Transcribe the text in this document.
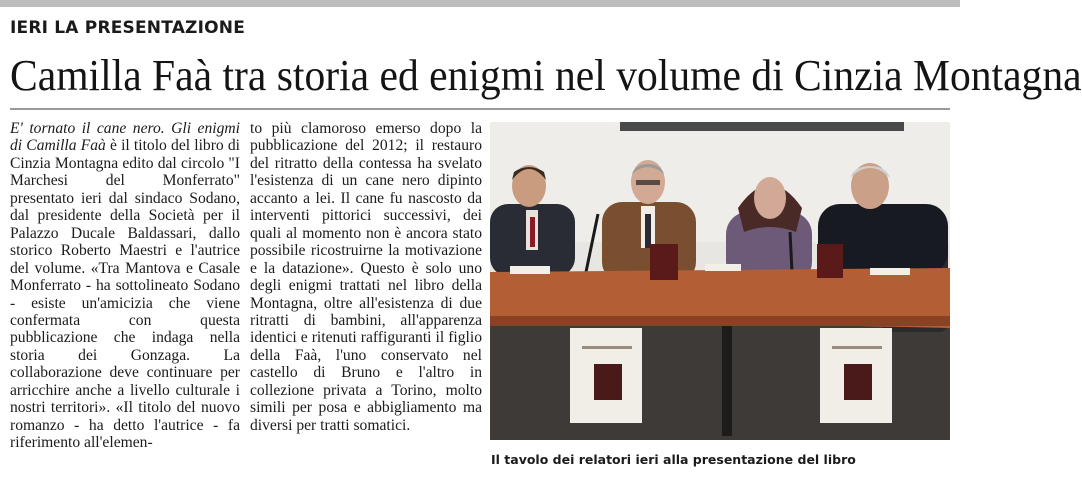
IERI LA PRESENTAZIONE
Camilla Faà tra storia ed enigmi nel volume di Cinzia Montagna

E' tornato il cane nero. Gli enigmi di Camilla Faà è il titolo del libro di Cinzia Montagna edito dal circolo "I Marchesi del Monferrato" presentato ieri dal sindaco Sodano, dal presidente della Società per il Palazzo Ducale Baldassari, dallo storico Roberto Maestri e l'autrice del volume. «Tra Mantova e Casale Monferrato - ha sottolineato Sodano - esiste un'amicizia che viene confermata con questa pubblicazione che indaga nella storia dei Gonzaga. La collaborazione deve continuare per arricchire anche a livello culturale i nostri territori». «Il titolo del nuovo romanzo - ha detto l'autrice - fa riferimento all'elemen-

to più clamoroso emerso dopo la pubblicazione del 2012; il restauro del ritratto della contessa ha svelato l'esistenza di un cane nero dipinto accanto a lei. Il cane fu nascosto da interventi pittorici successivi, dei quali al momento non è ancora stato possibile ricostruirne la motivazione e la datazione». Questo è solo uno degli enigmi trattati nel libro della Montagna, oltre all'esistenza di due ritratti di bambini, all'apparenza identici e ritenuti raffiguranti il figlio della Faà, l'uno conservato nel castello di Bruno e l'altro in collezione privata a Torino, molto simili per posa e abbigliamento ma diversi per tratti somatici.

Il tavolo dei relatori ieri alla presentazione del libro
